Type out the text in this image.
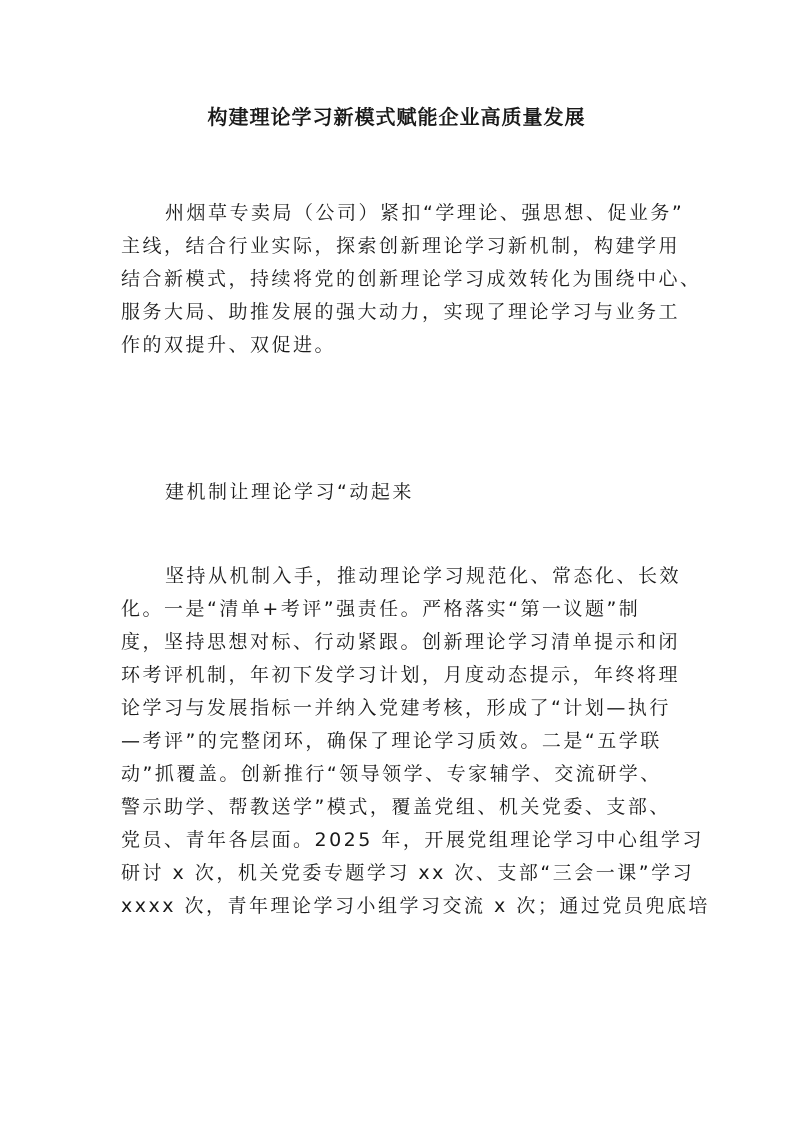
构建理论学习新模式赋能企业高质量发展
州烟草专卖局（公司）紧扣“学理论、强思想、促业务”
主线，结合行业实际，探索创新理论学习新机制，构建学用
结合新模式，持续将党的创新理论学习成效转化为围绕中心、
服务大局、助推发展的强大动力，实现了理论学习与业务工
作的双提升、双促进。
建机制让理论学习“动起来
坚持从机制入手，推动理论学习规范化、常态化、长效
化。一是“清单+考评”强责任。严格落实“第一议题”制
度，坚持思想对标、行动紧跟。创新理论学习清单提示和闭
环考评机制，年初下发学习计划，月度动态提示，年终将理
论学习与发展指标一并纳入党建考核，形成了“计划—执行
—考评”的完整闭环，确保了理论学习质效。二是“五学联
动”抓覆盖。创新推行“领导领学、专家辅学、交流研学、
警示助学、帮教送学”模式，覆盖党组、机关党委、支部、
党员、青年各层面。2025 年，开展党组理论学习中心组学习
研讨 x 次，机关党委专题学习 xx 次、支部“三会一课”学习
xxxx 次，青年理论学习小组学习交流 x 次；通过党员兜底培
